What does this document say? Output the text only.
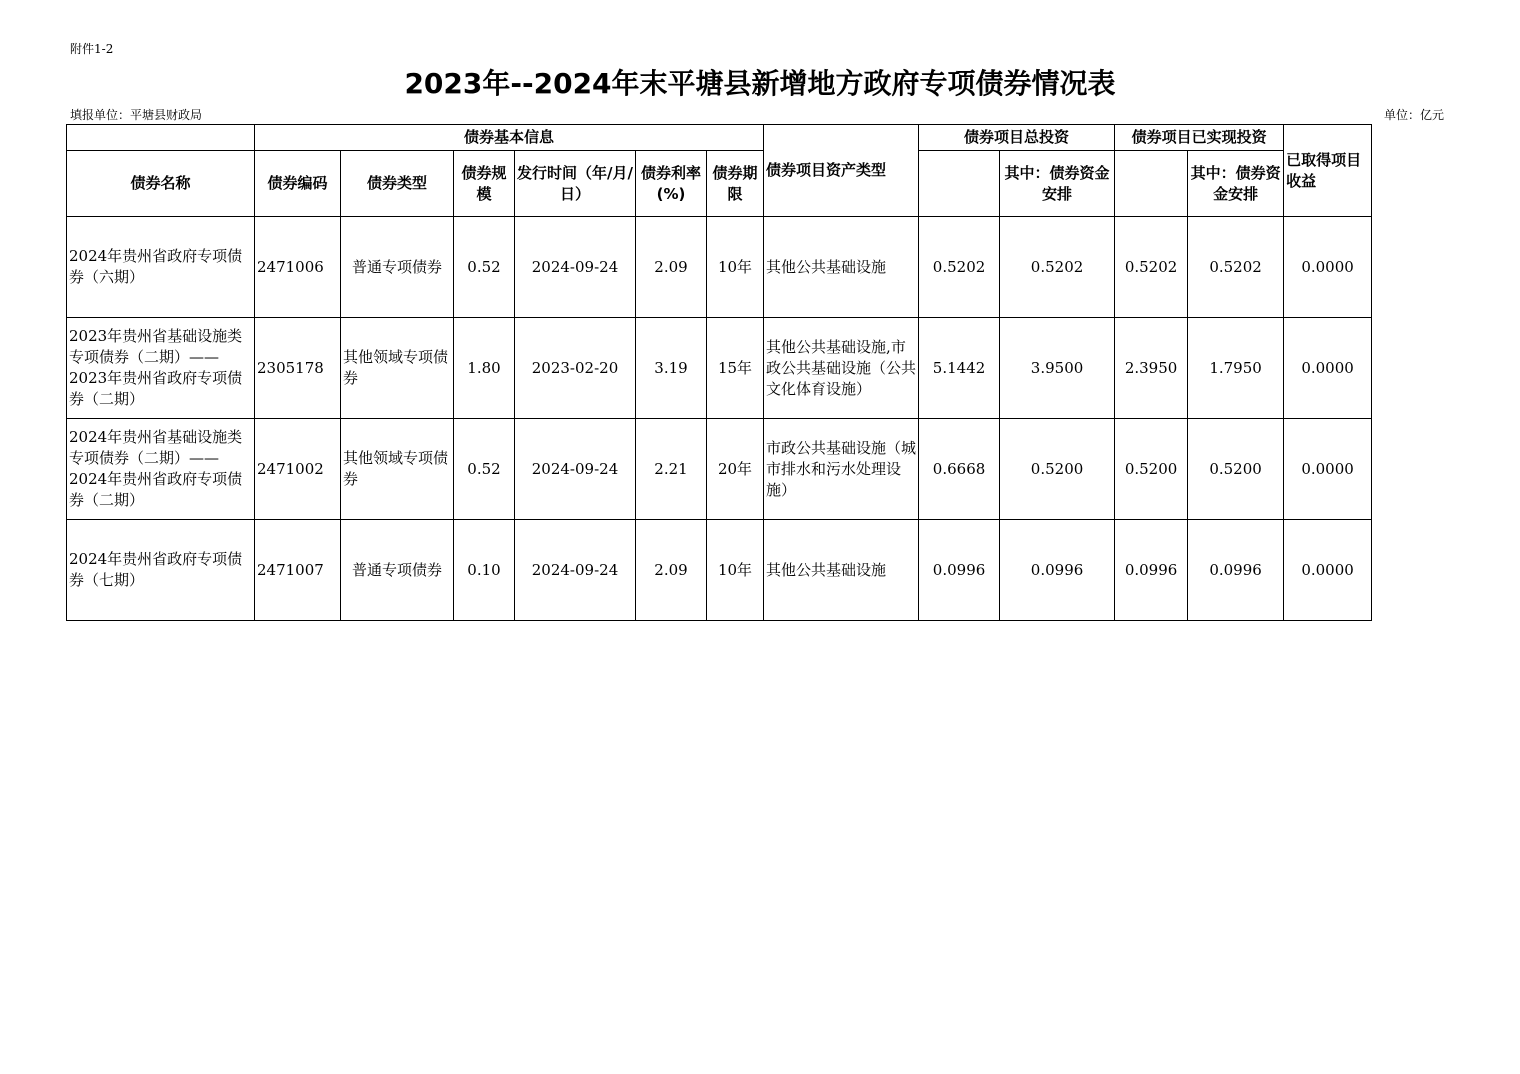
附件1-2
2023年--2024年末平塘县新增地方政府专项债券情况表
填报单位：平塘县财政局	单位：亿元
	债券基本信息						债券项目资产类型	债券项目总投资		债券项目已实现投资		已取得项目收益
债券名称	债券编码	债券类型	债券规模	发行时间（年/月/日）	债券利率(%)	债券期限			其中：债券资金安排		其中：债券资金安排	
2024年贵州省政府专项债券（六期）	2471006	普通专项债券	0.52	2024-09-24	2.09	10年	其他公共基础设施	0.5202	0.5202	0.5202	0.5202	0.0000
2023年贵州省基础设施类专项债券（二期）——2023年贵州省政府专项债券（二期）	2305178	其他领域专项债券	1.80	2023-02-20	3.19	15年	其他公共基础设施,市政公共基础设施（公共文化体育设施）	5.1442	3.9500	2.3950	1.7950	0.0000
2024年贵州省基础设施类专项债券（二期）——2024年贵州省政府专项债券（二期）	2471002	其他领域专项债券	0.52	2024-09-24	2.21	20年	市政公共基础设施（城市排水和污水处理设施）	0.6668	0.5200	0.5200	0.5200	0.0000
2024年贵州省政府专项债券（七期）	2471007	普通专项债券	0.10	2024-09-24	2.09	10年	其他公共基础设施	0.0996	0.0996	0.0996	0.0996	0.0000
